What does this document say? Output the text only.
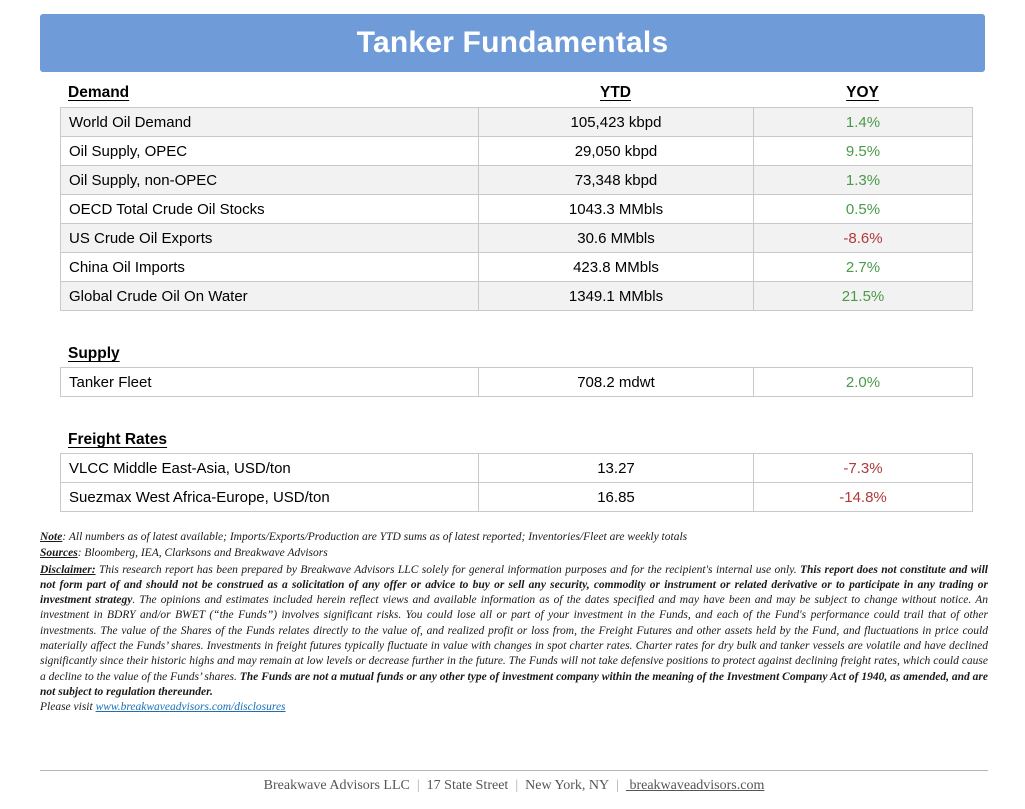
Tanker Fundamentals
Demand	YTD	YOY
World Oil Demand	105,423 kbpd	1.4%
Oil Supply, OPEC	29,050 kbpd	9.5%
Oil Supply, non-OPEC	73,348 kbpd	1.3%
OECD Total Crude Oil Stocks	1043.3 MMbls	0.5%
US Crude Oil Exports	30.6 MMbls	-8.6%
China Oil Imports	423.8 MMbls	2.7%
Global Crude Oil On Water	1349.1 MMbls	21.5%
Supply
Tanker Fleet	708.2 mdwt	2.0%
Freight Rates
VLCC Middle East-Asia, USD/ton	13.27	-7.3%
Suezmax West Africa-Europe, USD/ton	16.85	-14.8%
Note: All numbers as of latest available; Imports/Exports/Production are YTD sums as of latest reported; Inventories/Fleet are weekly totals
Sources: Bloomberg, IEA, Clarksons and Breakwave Advisors
Disclaimer: This research report has been prepared by Breakwave Advisors LLC solely for general information purposes and for the recipient's internal use only. This report does not constitute and will not form part of and should not be construed as a solicitation of any offer or advice to buy or sell any security, commodity or instrument or related derivative or to participate in any trading or investment strategy. The opinions and estimates included herein reflect views and available information as of the dates specified and may have been and may be subject to change without notice. An investment in BDRY and/or BWET (“the Funds”) involves significant risks. You could lose all or part of your investment in the Funds, and each of the Fund's performance could trail that of other investments. The value of the Shares of the Funds relates directly to the value of, and realized profit or loss from, the Freight Futures and other assets held by the Fund, and fluctuations in price could materially affect the Funds’ shares. Investments in freight futures typically fluctuate in value with changes in spot charter rates. Charter rates for dry bulk and tanker vessels are volatile and have declined significantly since their historic highs and may remain at low levels or decrease further in the future. The Funds will not take defensive positions to protect against declining freight rates, which could cause a decline to the value of the Funds’ shares. The Funds are not a mutual funds or any other type of investment company within the meaning of the Investment Company Act of 1940, as amended, and are not subject to regulation thereunder.
Please visit www.breakwaveadvisors.com/disclosures
Breakwave Advisors LLC | 17 State Street | New York, NY | breakwaveadvisors.com
